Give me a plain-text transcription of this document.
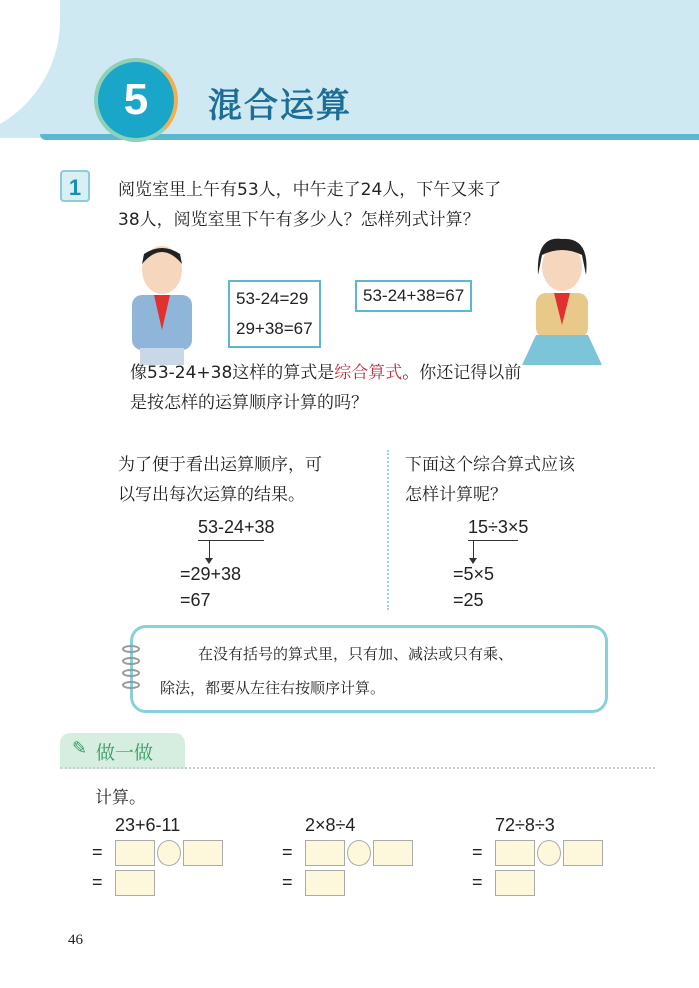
5	混合运算
1	阅览室里上午有53人，中午走了24人，下午又来了
38人，阅览室里下午有多少人？怎样列式计算？
53-24=29
29+38=67
53-24+38=67
像53-24+38这样的算式是综合算式。你还记得以前
是按怎样的运算顺序计算的吗？
为了便于看出运算顺序，可
以写出每次运算的结果。
下面这个综合算式应该
怎样计算呢？
53-24+38
=29+38
=67
15÷3×5
=5×5
=25
在没有括号的算式里，只有加、减法或只有乘、
除法，都要从左往右按顺序计算。
✎ 做一做
计算。
23+6-11
=
=
2×8÷4
=
=
72÷8÷3
=
=
46
